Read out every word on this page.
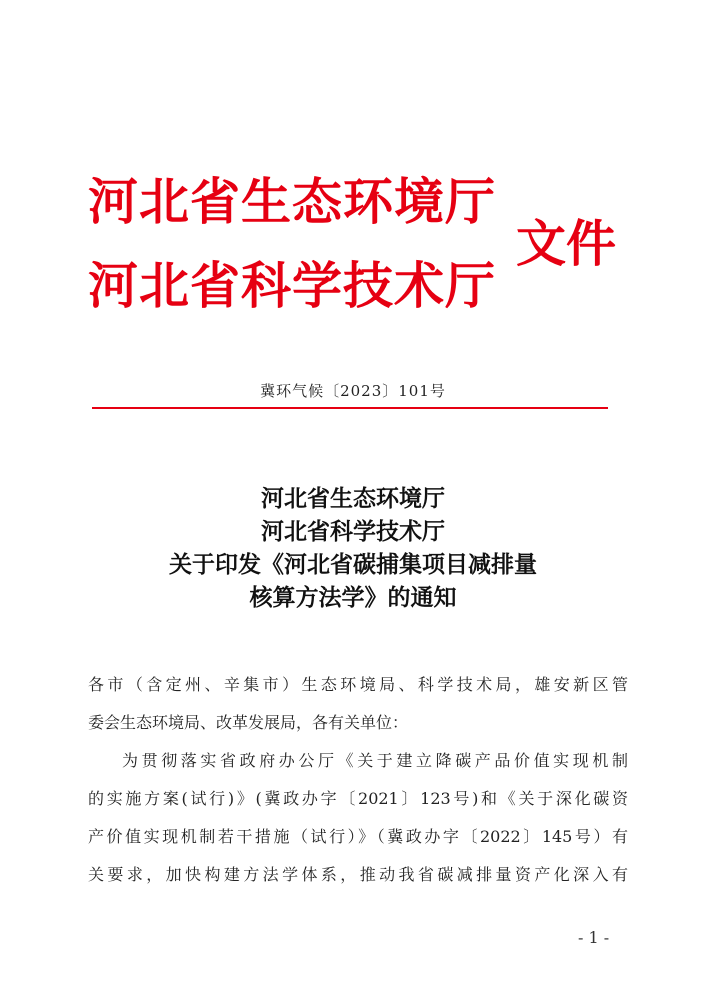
河北省生态环境厅
河北省科学技术厅
文件
冀环气候〔2023〕101号
河北省生态环境厅
河北省科学技术厅
关于印发《河北省碳捕集项目减排量
核算方法学》的通知

各市（含定州、辛集市）生态环境局、科学技术局，雄安新区管

委会生态环境局、改革发展局，各有关单位：

为贯彻落实省政府办公厅《关于建立降碳产品价值实现机制

的实施方案(试行)》(冀政办字〔2021〕123号)和《关于深化碳资

产价值实现机制若干措施（试行）》（冀政办字〔2022〕145号）有

关要求，加快构建方法学体系，推动我省碳减排量资产化深入有

- 1 -
